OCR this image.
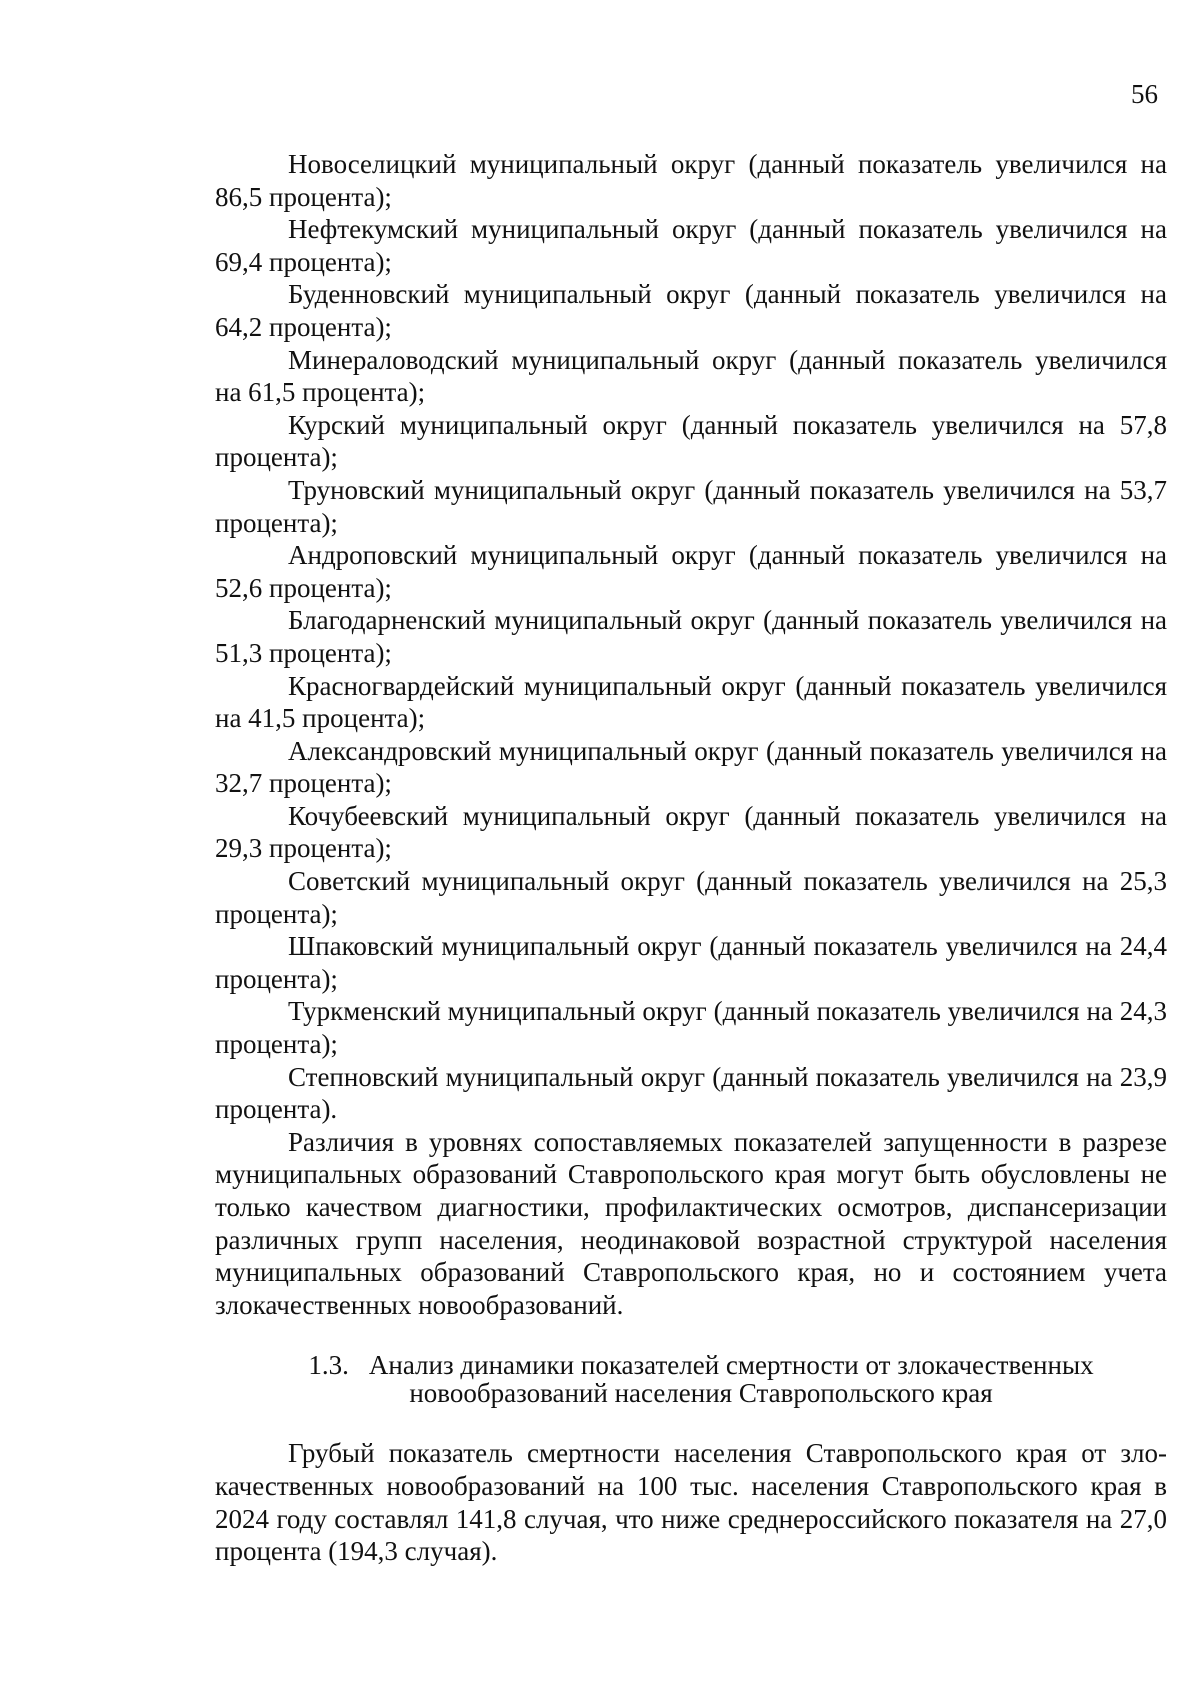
56

Новоселицкий муниципальный округ (данный показатель увеличился на 86,5 процента);

Нефтекумский муниципальный округ (данный показатель увеличился на 69,4 процента);

Буденновский муниципальный округ (данный показатель увеличился на 64,2 процента);

Минераловодский муниципальный округ (данный показатель увеличился на 61,5 процента);

Курский муниципальный округ (данный показатель увеличился на 57,8 процента);

Труновский муниципальный округ (данный показатель увеличился на 53,7 процента);

Андроповский муниципальный округ (данный показатель увеличился на 52,6 процента);

Благодарненский муниципальный округ (данный показатель увеличился на 51,3 процента);

Красногвардейский муниципальный округ (данный показатель увеличился на 41,5 процента);

Александровский муниципальный округ (данный показатель увеличился на 32,7 процента);

Кочубеевский муниципальный округ (данный показатель увеличился на 29,3 процента);

Советский муниципальный округ (данный показатель увеличился на 25,3 процента);

Шпаковский муниципальный округ (данный показатель увеличился на 24,4 процента);

Туркменский муниципальный округ (данный показатель увеличился на 24,3 процента);

Степновский муниципальный округ (данный показатель увеличился на 23,9 процента).

Различия в уровнях сопоставляемых показателей запущенности в разрезе муниципальных образований Ставропольского края могут быть обусловлены не только качеством диагностики, профилактических осмотров, диспансеризации различных групп населения, неодинаковой возрастной структурой населения муниципальных образований Ставропольского края, но и состоянием учета злокачественных новообразований.

1.3. Анализ динамики показателей смертности от злокачественных
новообразований населения Ставропольского края

Грубый показатель смертности населения Ставропольского края от злокачественных новообразований на 100 тыс. населения Ставропольского края в 2024 году составлял 141,8 случая, что ниже среднероссийского показателя на 27,0 процента (194,3 случая).
